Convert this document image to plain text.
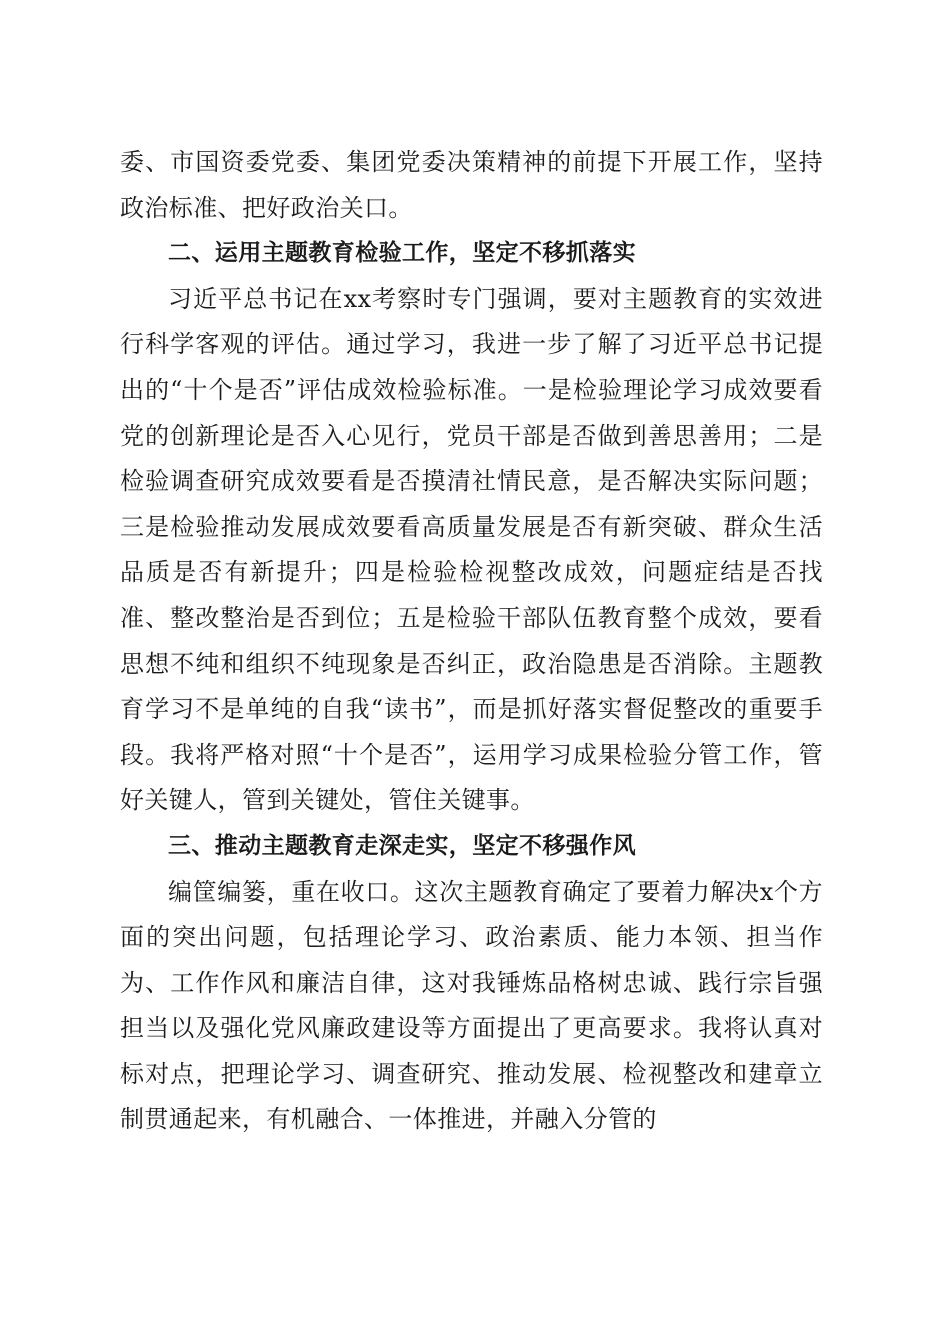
委、市国资委党委、集团党委决策精神的前提下开展工作，坚持政治标准、把好政治关口。

二、运用主题教育检验工作，坚定不移抓落实

习近平总书记在xx考察时专门强调，要对主题教育的实效进行科学客观的评估。通过学习，我进一步了解了习近平总书记提出的“十个是否”评估成效检验标准。一是检验理论学习成效要看党的创新理论是否入心见行，党员干部是否做到善思善用；二是检验调查研究成效要看是否摸清社情民意，是否解决实际问题；三是检验推动发展成效要看高质量发展是否有新突破、群众生活品质是否有新提升；四是检验检视整改成效，问题症结是否找准、整改整治是否到位；五是检验干部队伍教育整个成效，要看思想不纯和组织不纯现象是否纠正，政治隐患是否消除。主题教育学习不是单纯的自我“读书”，而是抓好落实督促整改的重要手段。我将严格对照“十个是否”，运用学习成果检验分管工作，管好关键人，管到关键处，管住关键事。

三、推动主题教育走深走实，坚定不移强作风

编筐编篓，重在收口。这次主题教育确定了要着力解决x个方面的突出问题，包括理论学习、政治素质、能力本领、担当作为、工作作风和廉洁自律，这对我锤炼品格树忠诚、践行宗旨强担当以及强化党风廉政建设等方面提出了更高要求。我将认真对标对点，把理论学习、调查研究、推动发展、检视整改和建章立制贯通起来，有机融合、一体推进，并融入分管的
